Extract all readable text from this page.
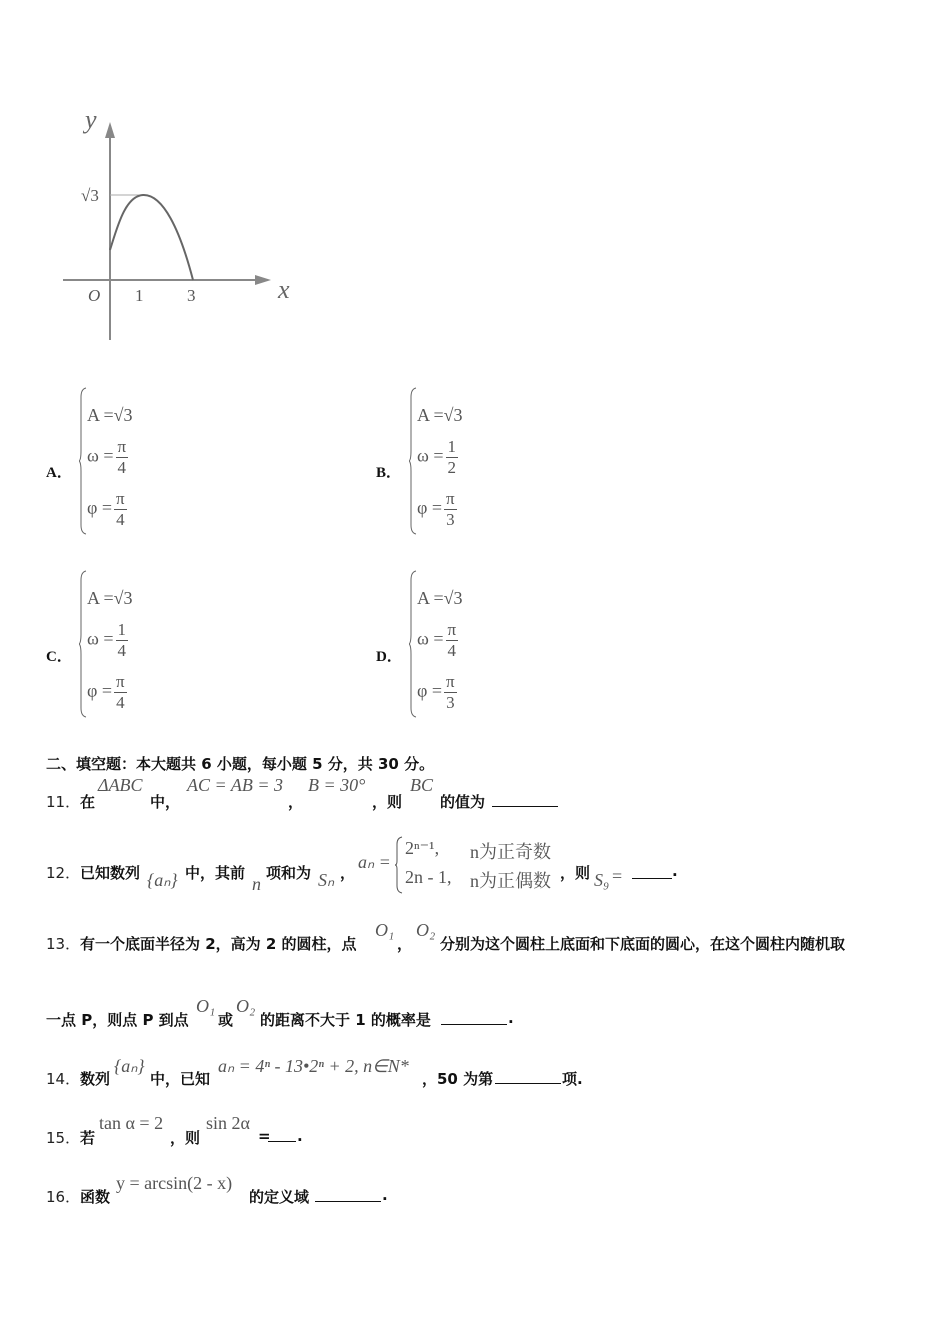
y
x
O
√3
1	3
A．
A =√3
$\omega = \frac{\pi}{4}$
$\varphi = \frac{\pi}{4}$
B．
A =√3
$\omega = \frac{1}{2}$
$\varphi = \frac{\pi}{3}$
C．
A =√3
$\omega = \frac{1}{4}$
$\varphi = \frac{\pi}{4}$
D．
A =√3
$\omega = \frac{\pi}{4}$
$\varphi = \frac{\pi}{3}$
二、填空题：本大题共 6 小题，每小题 5 分，共 30 分。
11． 在
ΔABC
中，
AC = AB = 3
，
B = 30°
，则
BC
的值为
12． 已知数列 {aₙ} 中，其前
n
项和为 Sₙ ，
aₙ =
2ⁿ⁻¹, n为正奇数
2n - 1, n为正偶数 ，则 S₉ =	.
13． 有一个底面半径为 2，高为 2 的圆柱，点
O₁
，
O₂
分别为这个圆柱上底面和下底面的圆心，在这个圆柱内随机取
一点 P，则点 P 到点
O₁
或
O₂
的距离不大于 1 的概率是	.
14． 数列
{aₙ}
中，已知
aₙ = 4ⁿ - 13•2ⁿ + 2, n∈N*
，50 为第	项.
15． 若
tan α = 2
，则
sin 2α
= .
16． 函数
y = arcsin(2 - x)
的定义域	.
